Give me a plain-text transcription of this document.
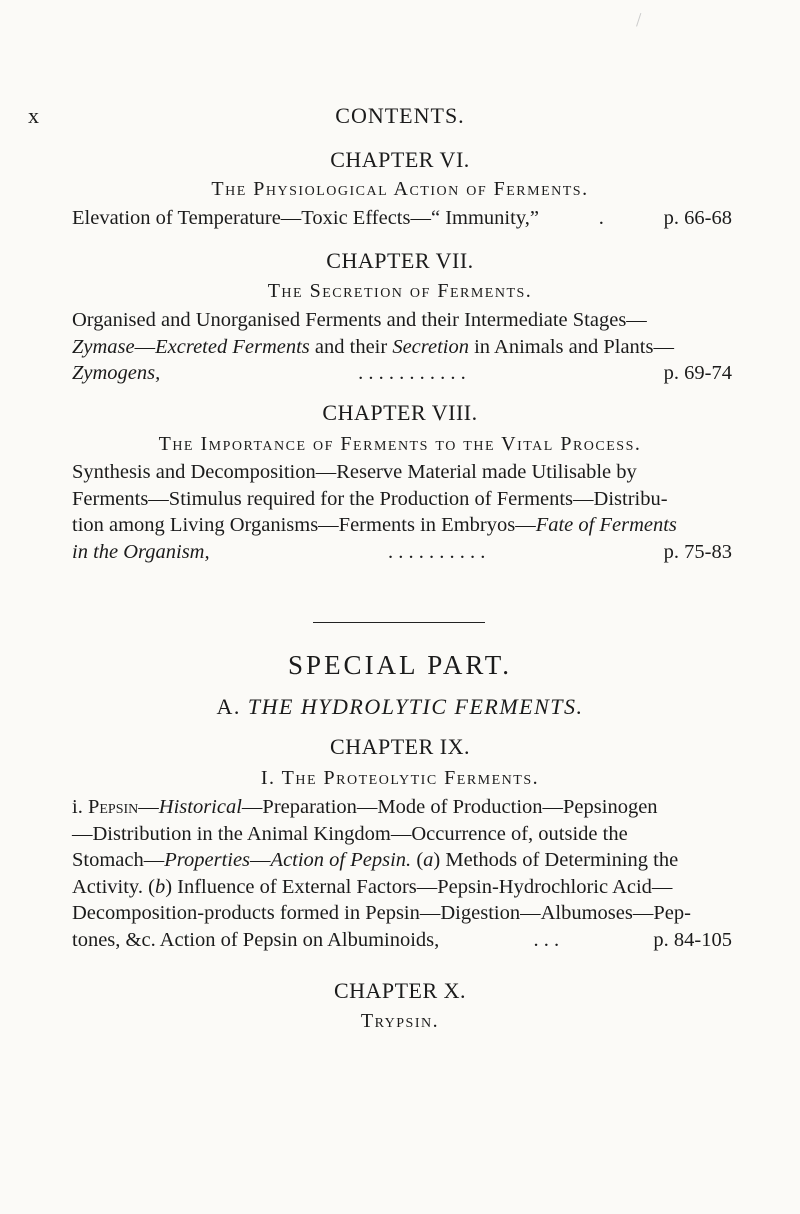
x	CONTENTS.
CHAPTER VI.
The Physiological Action of Ferments.
Elevation of Temperature—Toxic Effects—“ Immunity,”	.	p. 66-68
CHAPTER VII.
The Secretion of Ferments.
Organised and Unorganised Ferments and their Intermediate Stages—
Zymase — Excreted Ferments and their Secretion in Animals and Plants—
Zymogens,	. . . . . . . . . . .	p. 69-74
CHAPTER VIII.
The Importance of Ferments to the Vital Process.
Synthesis and Decomposition—Reserve Material made Utilisable by
Ferments—Stimulus required for the Production of Ferments—Distribu-
tion among Living Organisms—Ferments in Embryos— Fate of Ferments
in the Organism,	. . . . . . . . . .	p. 75-83
SPECIAL PART.
A. THE HYDROLYTIC FERMENTS.
CHAPTER IX.
I. The Proteolytic Ferments.
i. Pepsin — Historical —Preparation—Mode of Production—Pepsinogen
—Distribution in the Animal Kingdom—Occurrence of, outside the
Stomach— Properties — Action of Pepsin. ( a ) Methods of Determining the
Activity. ( b ) Influence of External Factors—Pepsin-Hydrochloric Acid—
Decomposition-products formed in Pepsin—Digestion—Albumoses—Pep-
tones, &c. Action of Pepsin on Albuminoids,	. . .	p. 84-105
CHAPTER X.
Trypsin.
